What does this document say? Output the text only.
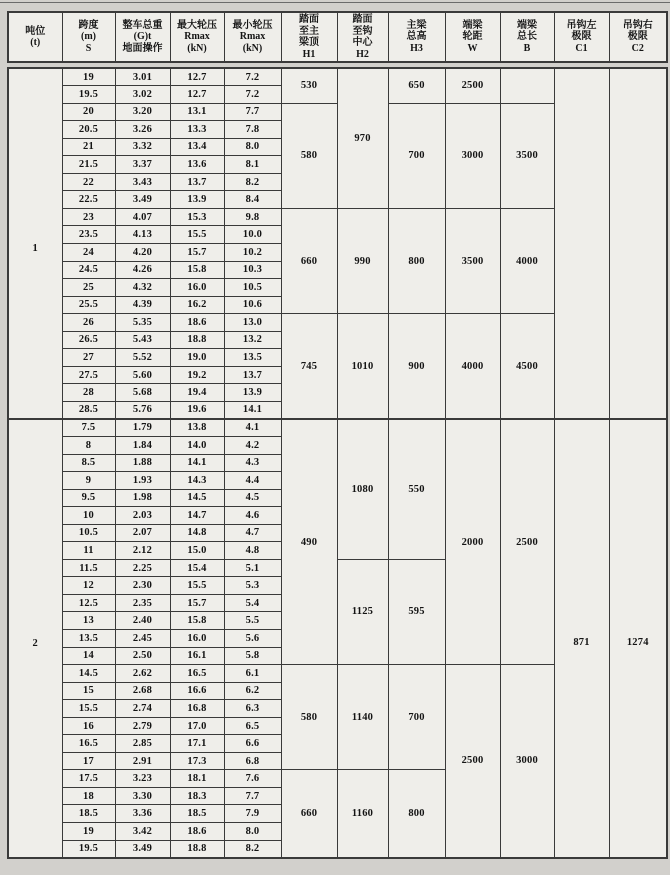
吨位
(t)

跨度
(m)
S

整车总重
(G)t
地面操作

最大轮压
Rmax
(kN)

最小轮压
Rmax
(kN)

踏面
至主
梁顶
H1

踏面
至钩
中心
H2

主梁
总高
H3

端梁
轮距
W

端梁
总长
B

吊钩左
极限
C1

吊钩右
极限
C2
1	19	3.01	12.7	7.2	530	970	650	2500			
	19.5	3.02	12.7	7.2							
	20	3.20	13.1	7.7	580		700	3000	3500		
	20.5	3.26	13.3	7.8							
	21	3.32	13.4	8.0							
	21.5	3.37	13.6	8.1							
	22	3.43	13.7	8.2							
	22.5	3.49	13.9	8.4							
	23	4.07	15.3	9.8	660	990	800	3500	4000		
	23.5	4.13	15.5	10.0							
	24	4.20	15.7	10.2							
	24.5	4.26	15.8	10.3							
	25	4.32	16.0	10.5							
	25.5	4.39	16.2	10.6							
	26	5.35	18.6	13.0	745	1010	900	4000	4500		
	26.5	5.43	18.8	13.2							
	27	5.52	19.0	13.5							
	27.5	5.60	19.2	13.7							
	28	5.68	19.4	13.9							
	28.5	5.76	19.6	14.1							
2	7.5	1.79	13.8	4.1	490	1080	550	2000	2500	871	1274
	8	1.84	14.0	4.2							
	8.5	1.88	14.1	4.3							
	9	1.93	14.3	4.4							
	9.5	1.98	14.5	4.5							
	10	2.03	14.7	4.6							
	10.5	2.07	14.8	4.7							
	11	2.12	15.0	4.8							
	11.5	2.25	15.4	5.1		1125	595				
	12	2.30	15.5	5.3							
	12.5	2.35	15.7	5.4							
	13	2.40	15.8	5.5							
	13.5	2.45	16.0	5.6							
	14	2.50	16.1	5.8							
	14.5	2.62	16.5	6.1	580	1140	700	2500	3000		
	15	2.68	16.6	6.2							
	15.5	2.74	16.8	6.3							
	16	2.79	17.0	6.5							
	16.5	2.85	17.1	6.6							
	17	2.91	17.3	6.8							
	17.5	3.23	18.1	7.6	660	1160	800				
	18	3.30	18.3	7.7							
	18.5	3.36	18.5	7.9							
	19	3.42	18.6	8.0							
	19.5	3.49	18.8	8.2							
